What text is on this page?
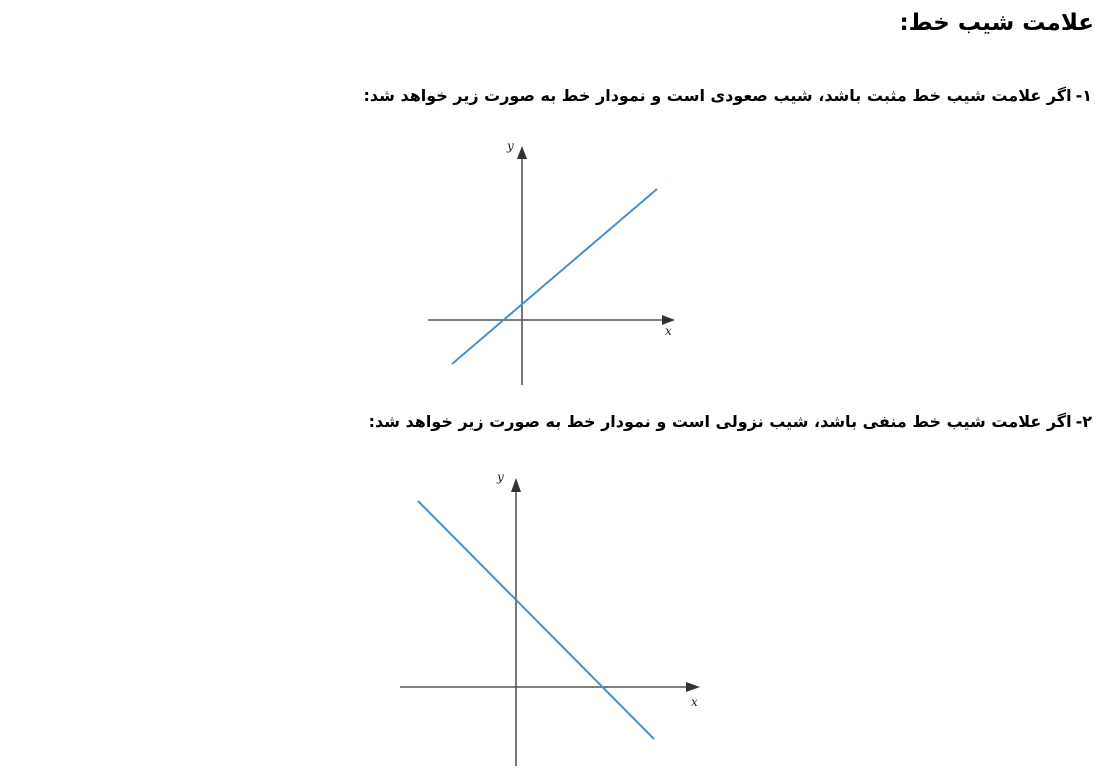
علامت شیب خط:

۱-اگر علامت شیب خط مثبت باشد، شیب صعودی است و نمودار خط به صورت زیر خواهد شد:

۲-اگر علامت شیب خط منفی باشد، شیب نزولی است و نمودار خط به صورت زیر خواهد شد:

y
x
y
x
